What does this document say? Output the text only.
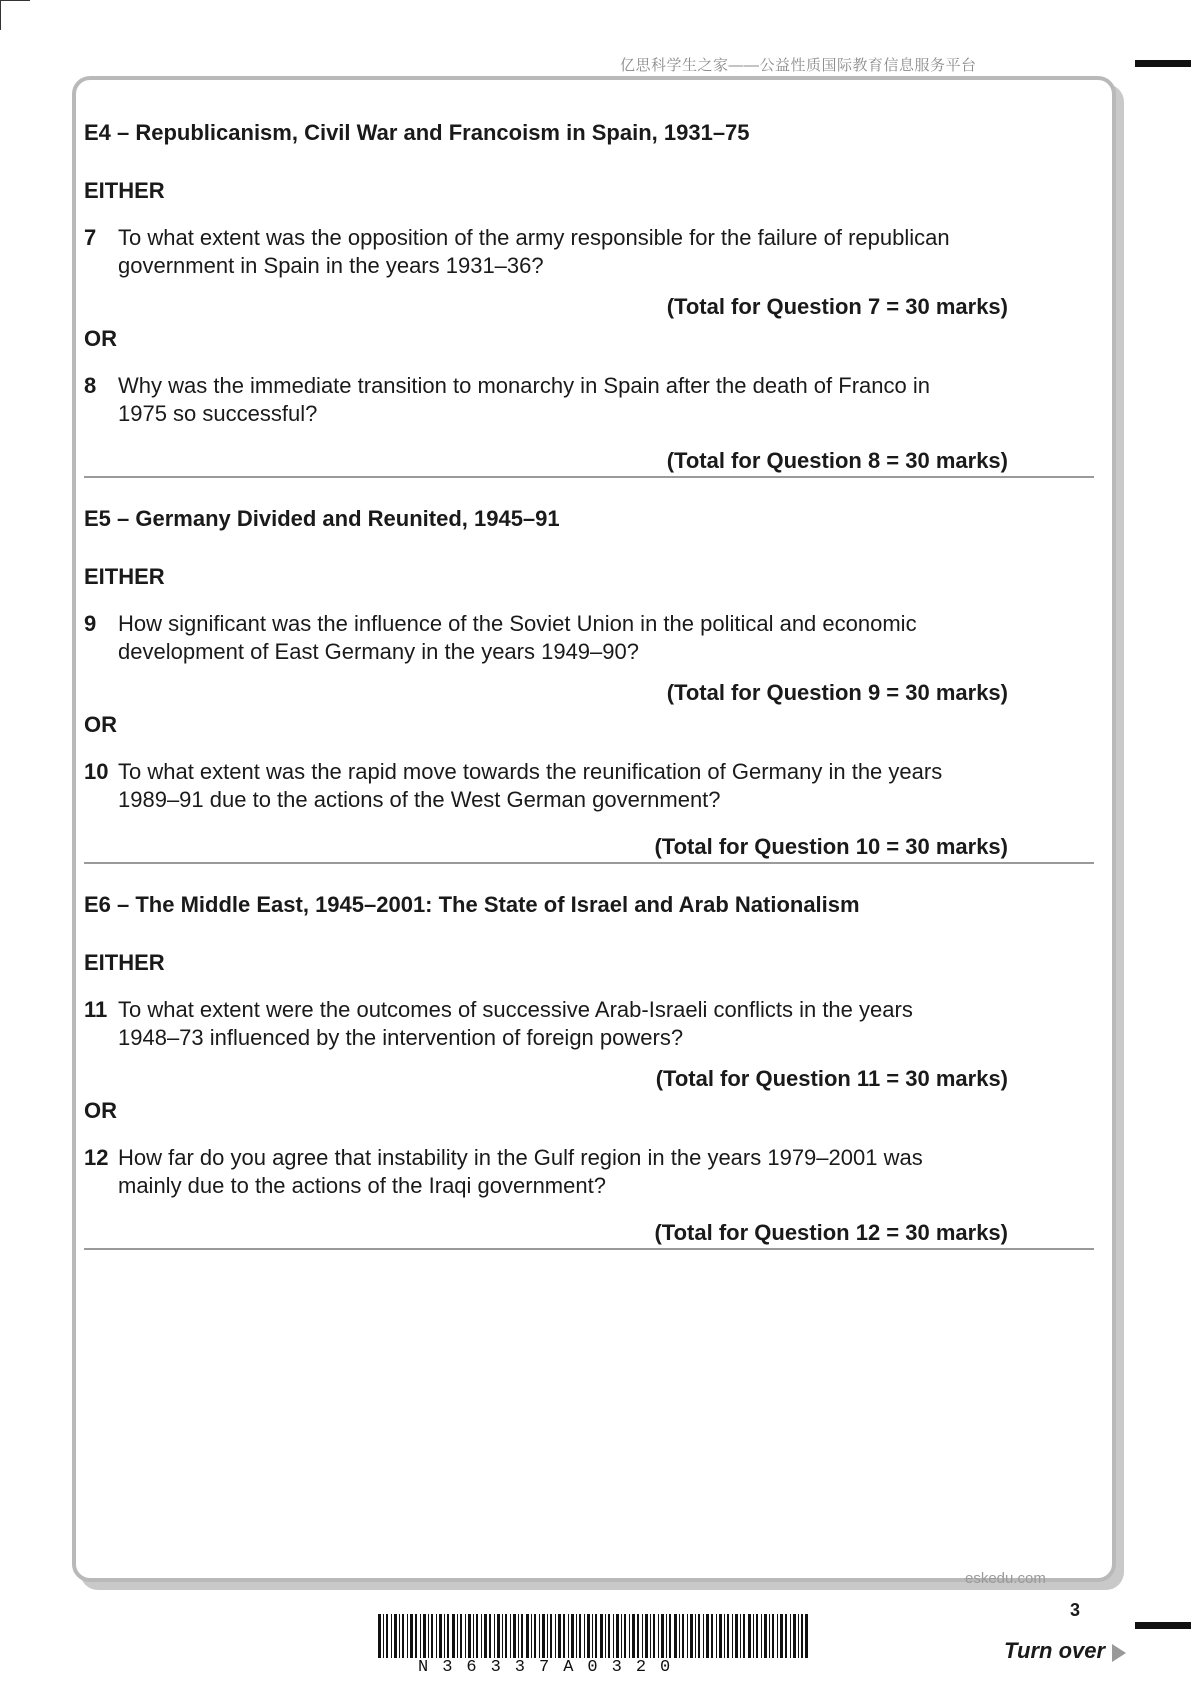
亿思科学生之家——公益性质国际教育信息服务平台
E4 – Republicanism, Civil War and Francoism in Spain, 1931–75
EITHER
7 To what extent was the opposition of the army responsible for the failure of republican government in Spain in the years 1931–36?
(Total for Question 7 = 30 marks)
OR
8 Why was the immediate transition to monarchy in Spain after the death of Franco in 1975 so successful?
(Total for Question 8 = 30 marks)
E5 – Germany Divided and Reunited, 1945–91
EITHER
9 How significant was the influence of the Soviet Union in the political and economic development of East Germany in the years 1949–90?
(Total for Question 9 = 30 marks)
OR
10 To what extent was the rapid move towards the reunification of Germany in the years 1989–91 due to the actions of the West German government?
(Total for Question 10 = 30 marks)
E6 – The Middle East, 1945–2001: The State of Israel and Arab Nationalism
EITHER
11 To what extent were the outcomes of successive Arab-Israeli conflicts in the years 1948–73 influenced by the intervention of foreign powers?
(Total for Question 11 = 30 marks)
OR
12 How far do you agree that instability in the Gulf region in the years 1979–2001 was mainly due to the actions of the Iraqi government?
(Total for Question 12 = 30 marks)
eskedu.com
3
N36337A0320
Turn over
